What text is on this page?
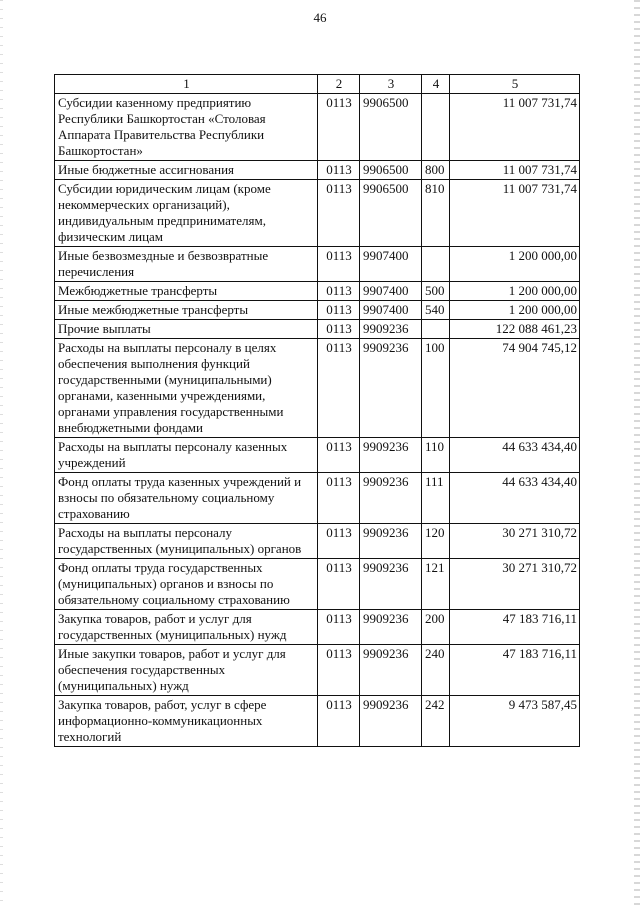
46
1	2	3	4	5
Субсидии казенному предприятию Республики Башкортостан «Столовая Аппарата Правительства Республики Башкортостан»	0113	9906500		11 007 731,74
Иные бюджетные ассигнования	0113	9906500	800	11 007 731,74
Субсидии юридическим лицам (кроме некоммерческих организаций), индивидуальным предпринимателям, физическим лицам	0113	9906500	810	11 007 731,74
Иные безвозмездные и безвозвратные перечисления	0113	9907400		1 200 000,00
Межбюджетные трансферты	0113	9907400	500	1 200 000,00
Иные межбюджетные трансферты	0113	9907400	540	1 200 000,00
Прочие выплаты	0113	9909236		122 088 461,23
Расходы на выплаты персоналу в целях обеспечения выполнения функций государственными (муниципальными) органами, казенными учреждениями, органами управления государственными внебюджетными фондами	0113	9909236	100	74 904 745,12
Расходы на выплаты персоналу казенных учреждений	0113	9909236	110	44 633 434,40
Фонд оплаты труда казенных учреждений и взносы по обязательному социальному страхованию	0113	9909236	111	44 633 434,40
Расходы на выплаты персоналу государственных (муниципальных) органов	0113	9909236	120	30 271 310,72
Фонд оплаты труда государственных (муниципальных) органов и взносы по обязательному социальному страхованию	0113	9909236	121	30 271 310,72
Закупка товаров, работ и услуг для государственных (муниципальных) нужд	0113	9909236	200	47 183 716,11
Иные закупки товаров, работ и услуг для обеспечения государственных (муниципальных) нужд	0113	9909236	240	47 183 716,11
Закупка товаров, работ, услуг в сфере информационно-коммуникационных технологий	0113	9909236	242	9 473 587,45
